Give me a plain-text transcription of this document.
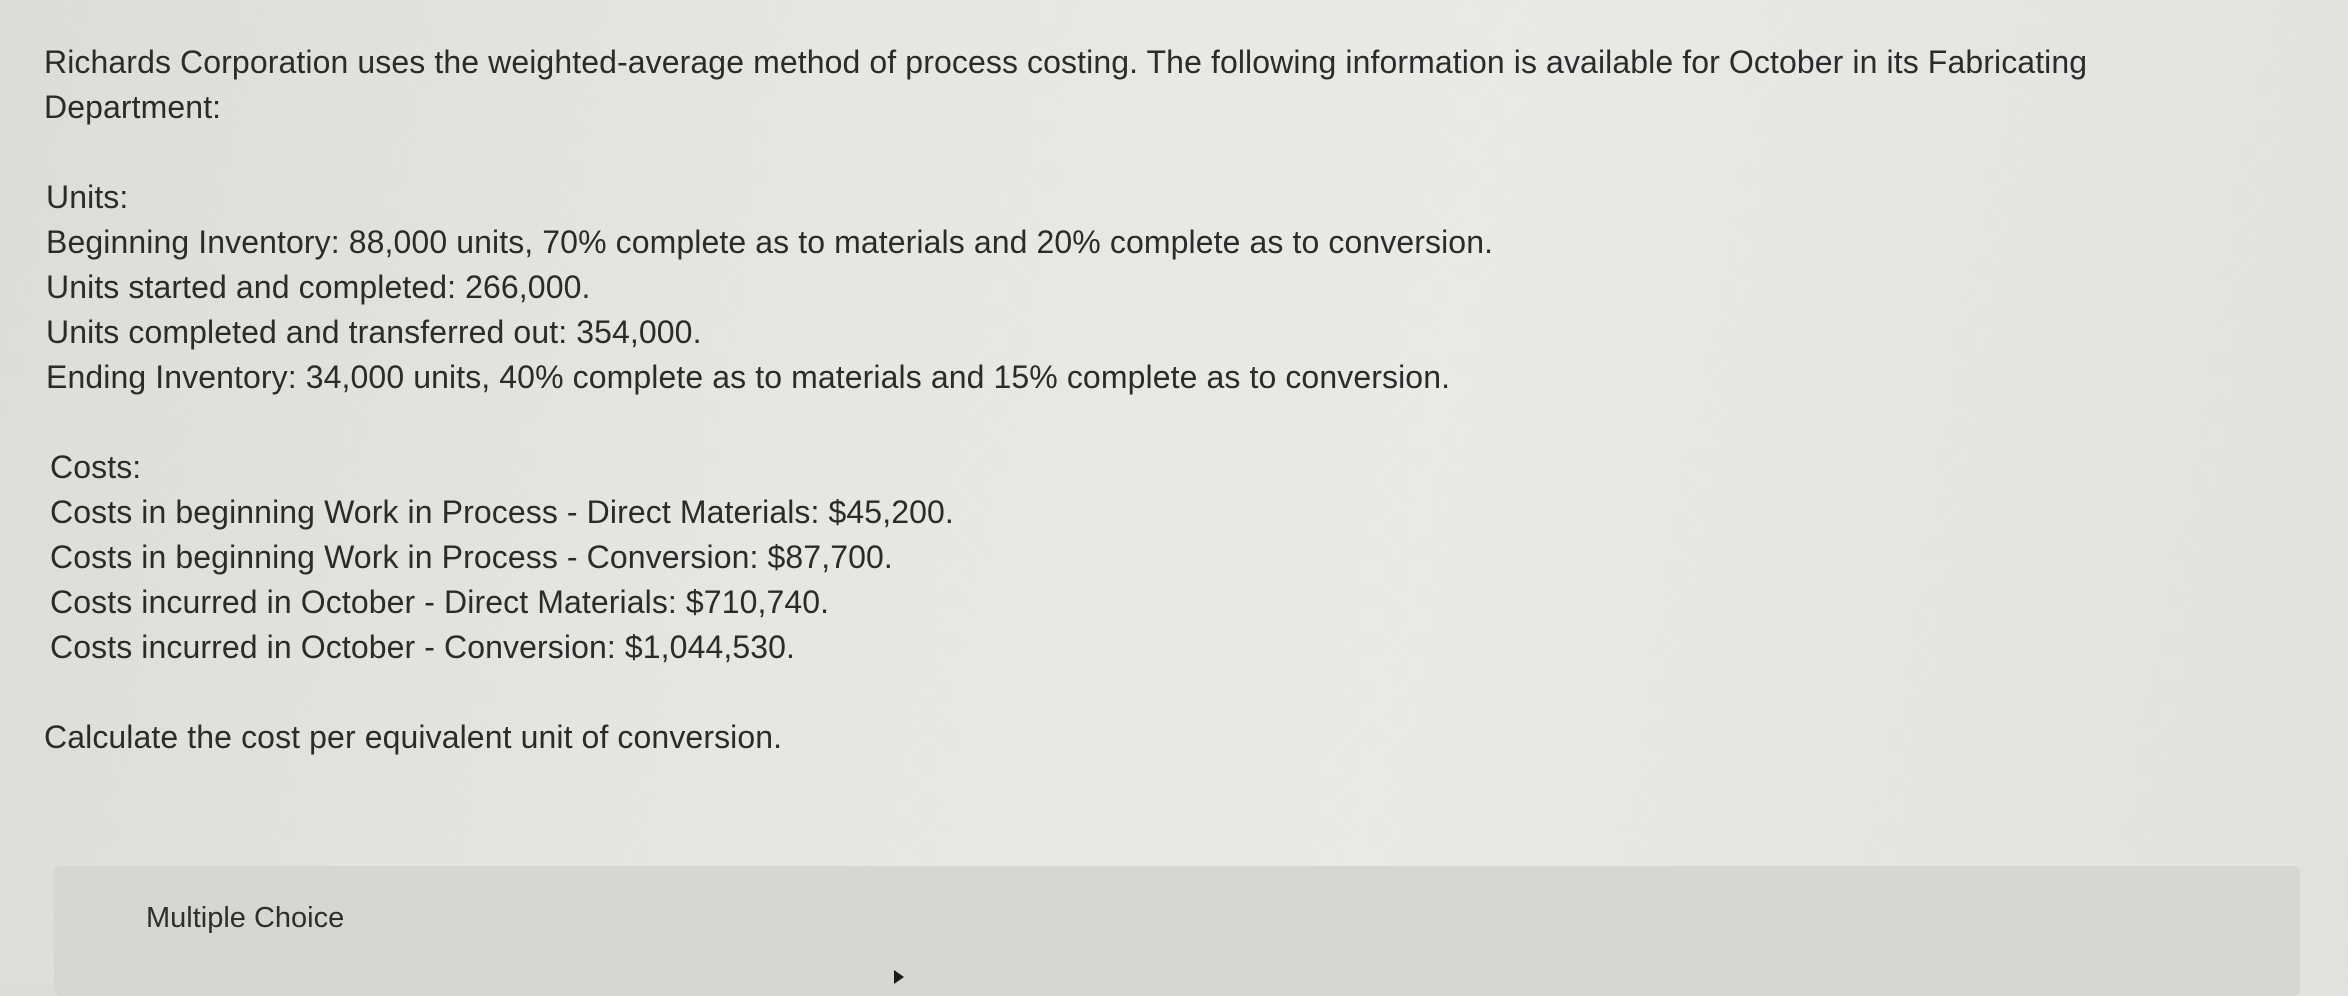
Richards Corporation uses the weighted-average method of process costing. The following information is available for October in its Fabricating Department:

Units:
Beginning Inventory: 88,000 units, 70% complete as to materials and 20% complete as to conversion.
Units started and completed: 266,000.
Units completed and transferred out: 354,000.
Ending Inventory: 34,000 units, 40% complete as to materials and 15% complete as to conversion.
Costs:
Costs in beginning Work in Process - Direct Materials: $45,200.
Costs in beginning Work in Process - Conversion: $87,700.
Costs incurred in October - Direct Materials: $710,740.
Costs incurred in October - Conversion: $1,044,530.

Calculate the cost per equivalent unit of conversion.

Multiple Choice
